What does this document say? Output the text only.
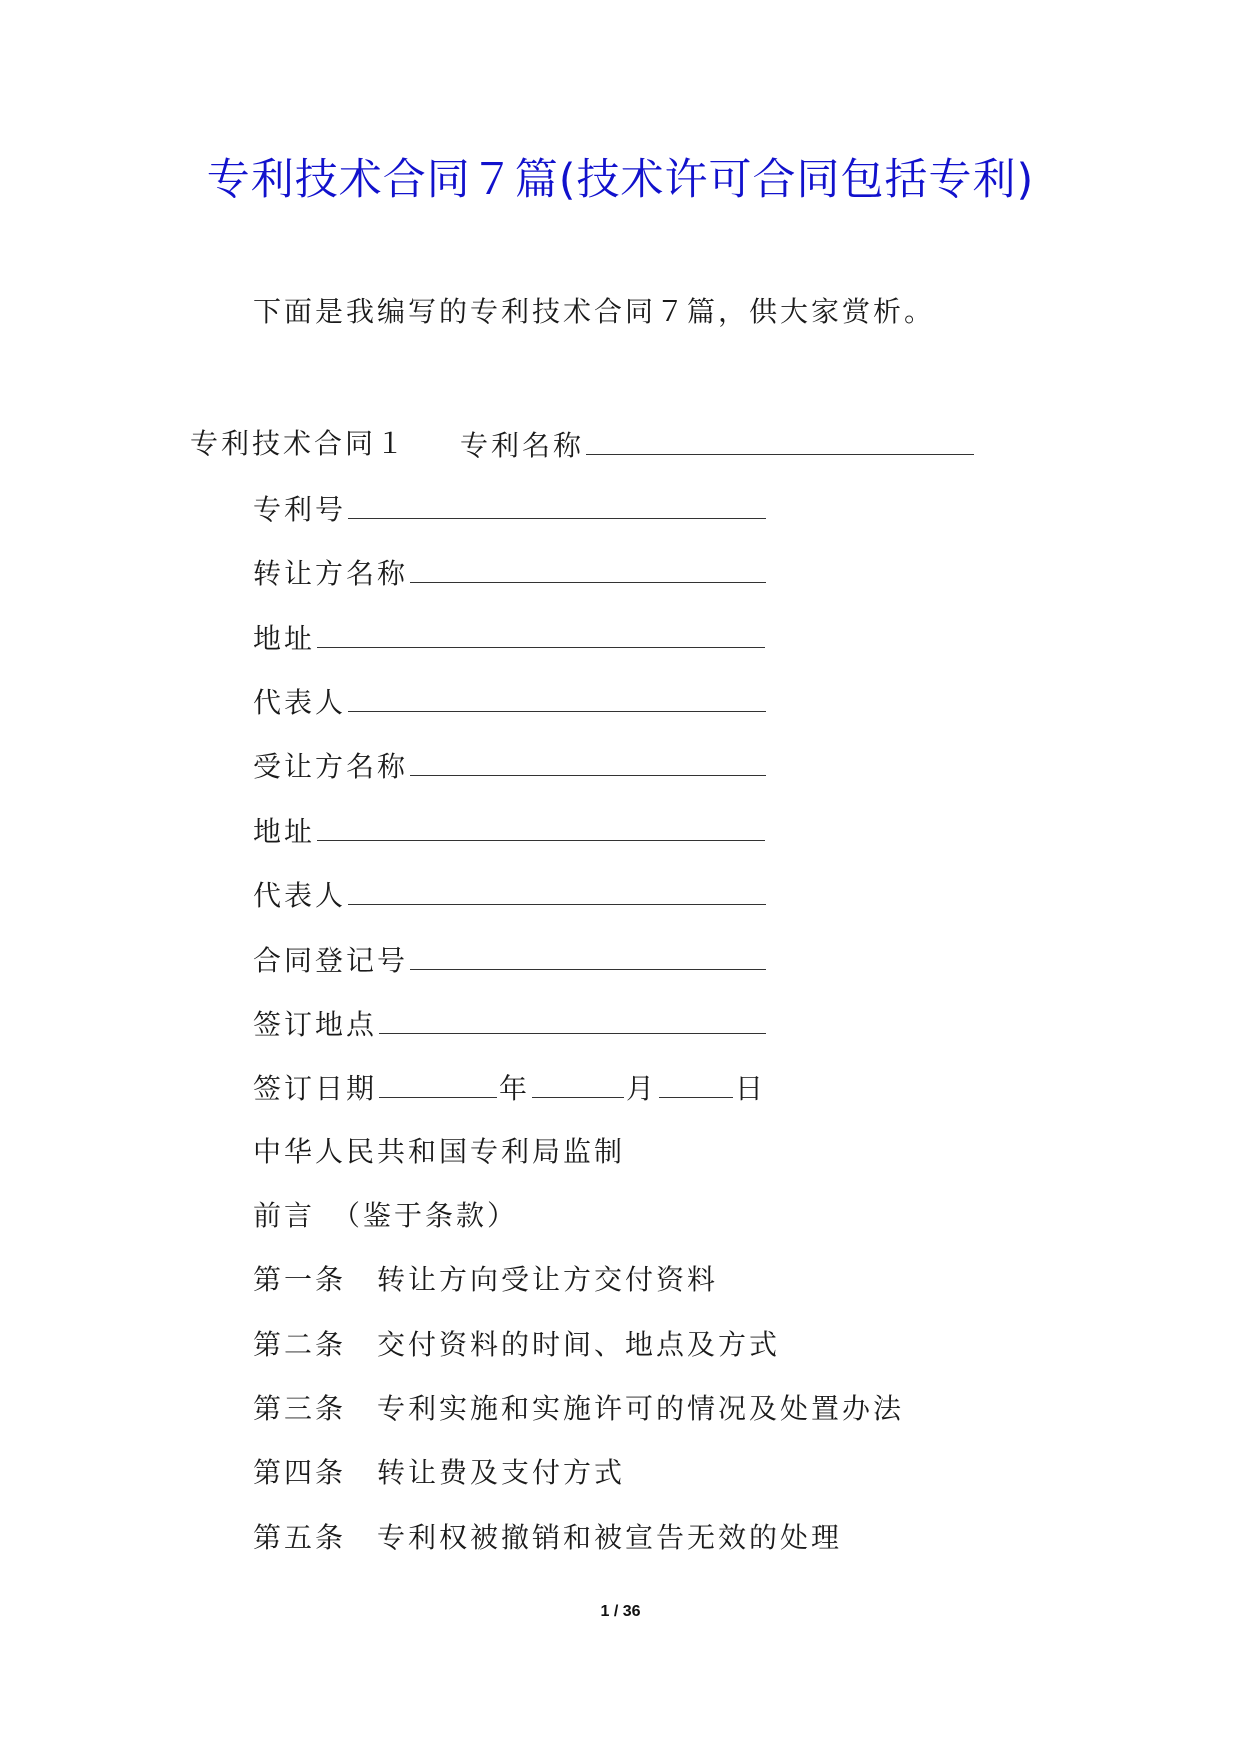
专利技术合同７篇(技术许可合同包括专利)
下面是我编写的专利技术合同７篇，供大家赏析。
专利技术合同１ 专利名称
专利号
转让方名称
地址
代表人
受让方名称
地址
代表人
合同登记号
签订地点
签订日期	年	月	日
中华人民共和国专利局监制
前言　（鉴于条款）
第一条　转让方向受让方交付资料
第二条　交付资料的时间、地点及方式
第三条　专利实施和实施许可的情况及处置办法
第四条　转让费及支付方式
第五条　专利权被撤销和被宣告无效的处理
1 / 36
